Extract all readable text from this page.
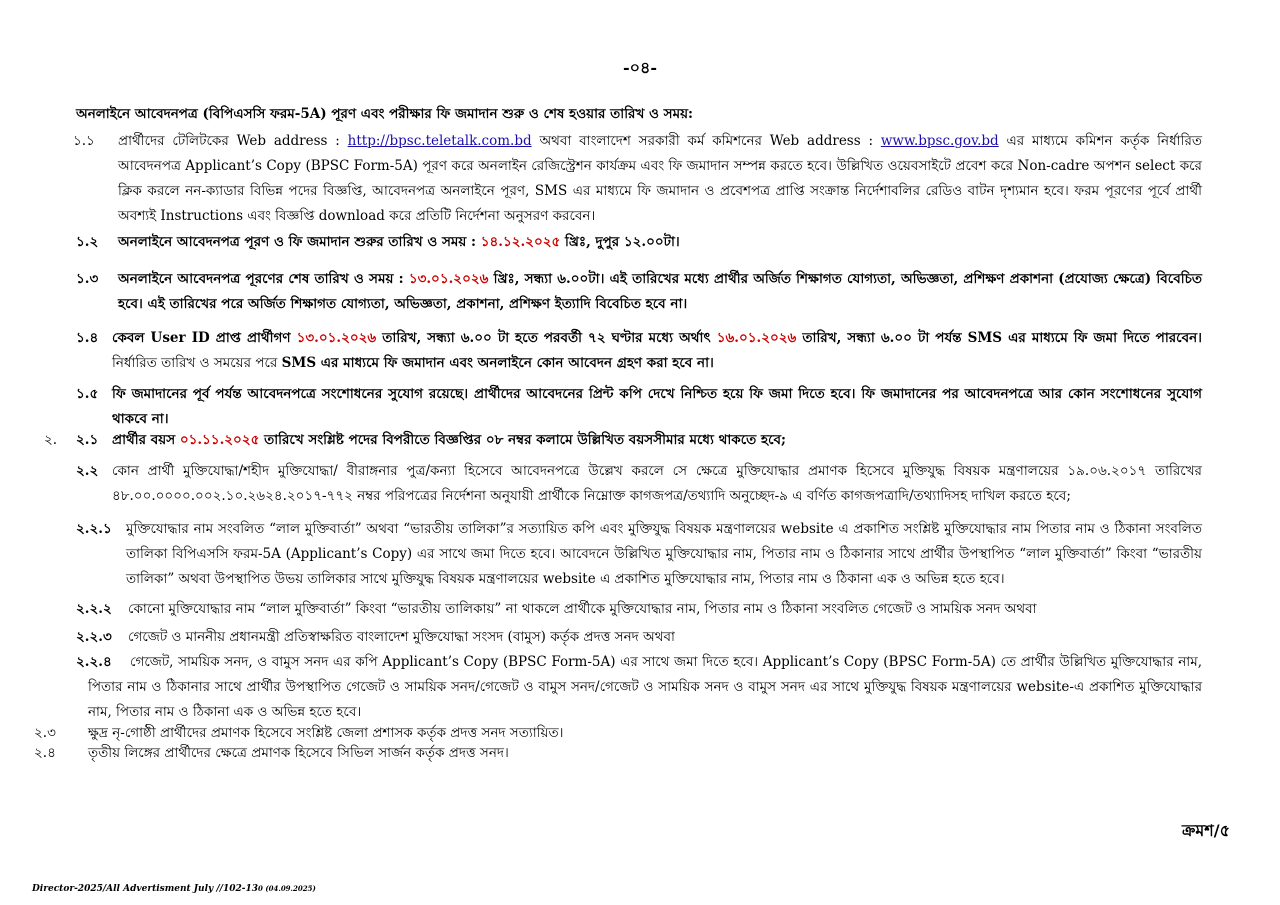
-০৪-
অনলাইনে আবেদনপত্র (বিপিএসসি ফরম-5A) পূরণ এবং পরীক্ষার ফি জমাদান শুরু ও শেষ হওয়ার তারিখ ও সময়:
১.১ প্রার্থীদের টেলিটকের Web address : http://bpsc.teletalk.com.bd অথবা বাংলাদেশ সরকারী কর্ম কমিশনের Web address : www.bpsc.gov.bd এর মাধ্যমে কমিশন কর্তৃক নির্ধারিত আবেদনপত্র Applicant’s Copy (BPSC Form-5A) পূরণ করে অনলাইন রেজিস্ট্রেশন কার্যক্রম এবং ফি জমাদান সম্পন্ন করতে হবে। উল্লিখিত ওয়েবসাইটে প্রবেশ করে Non-cadre অপশন select করে ক্লিক করলে নন-ক্যাডার বিভিন্ন পদের বিজ্ঞপ্তি, আবেদনপত্র অনলাইনে পূরণ, SMS এর মাধ্যমে ফি জমাদান ও প্রবেশপত্র প্রাপ্তি সংক্রান্ত নির্দেশাবলির রেডিও বাটন দৃশ্যমান হবে। ফরম পূরণের পূর্বে প্রার্থী অবশ্যই Instructions এবং বিজ্ঞপ্তি download করে প্রতিটি নির্দেশনা অনুসরণ করবেন।
১.২ অনলাইনে আবেদনপত্র পূরণ ও ফি জমাদান শুরুর তারিখ ও সময় : ১৪.১২.২০২৫ খ্রিঃ, দুপুর ১২.০০টা।
১.৩ অনলাইনে আবেদনপত্র পূরণের শেষ তারিখ ও সময় : ১৩.০১.২০২৬ খ্রিঃ, সন্ধ্যা ৬.০০টা। এই তারিখের মধ্যে প্রার্থীর অর্জিত শিক্ষাগত যোগ্যতা, অভিজ্ঞতা, প্রশিক্ষণ প্রকাশনা (প্রযোজ্য ক্ষেত্রে) বিবেচিত হবে। এই তারিখের পরে অর্জিত শিক্ষাগত যোগ্যতা, অভিজ্ঞতা, প্রকাশনা, প্রশিক্ষণ ইত্যাদি বিবেচিত হবে না।
১.৪ কেবল User ID প্রাপ্ত প্রার্থীগণ ১৩.০১.২০২৬ তারিখ, সন্ধ্যা ৬.০০ টা হতে পরবর্তী ৭২ ঘণ্টার মধ্যে অর্থাৎ ১৬.০১.২০২৬ তারিখ, সন্ধ্যা ৬.০০ টা পর্যন্ত SMS এর মাধ্যমে ফি জমা দিতে পারবেন। নির্ধারিত তারিখ ও সময়ের পরে SMS এর মাধ্যমে ফি জমাদান এবং অনলাইনে কোন আবেদন গ্রহণ করা হবে না।
১.৫ ফি জমাদানের পূর্ব পর্যন্ত আবেদনপত্রে সংশোধনের সুযোগ রয়েছে। প্রার্থীদের আবেদনের প্রিন্ট কপি দেখে নিশ্চিত হয়ে ফি জমা দিতে হবে। ফি জমাদানের পর আবেদনপত্রে আর কোন সংশোধনের সুযোগ থাকবে না।
২. ২.১ প্রার্থীর বয়স ০১.১১.২০২৫ তারিখে সংশ্লিষ্ট পদের বিপরীতে বিজ্ঞপ্তির ০৮ নম্বর কলামে উল্লিখিত বয়সসীমার মধ্যে থাকতে হবে;
২.২ কোন প্রার্থী মুক্তিযোদ্ধা/শহীদ মুক্তিযোদ্ধা/ বীরাঙ্গনার পুত্র/কন্যা হিসেবে আবেদনপত্রে উল্লেখ করলে সে ক্ষেত্রে মুক্তিযোদ্ধার প্রমাণক হিসেবে মুক্তিযুদ্ধ বিষয়ক মন্ত্রণালয়ের ১৯.০৬.২০১৭ তারিখের ৪৮.০০.০০০০.০০২.১০.২৬২৪.২০১৭-৭৭২ নম্বর পরিপত্রের নির্দেশনা অনুযায়ী প্রার্থীকে নিম্নোক্ত কাগজপত্র/তথ্যাদি অনুচ্ছেদ-৯ এ বর্ণিত কাগজপত্রাদি/তথ্যাদিসহ দাখিল করতে হবে;
২.২.১ মুক্তিযোদ্ধার নাম সংবলিত “লাল মুক্তিবার্তা” অথবা “ভারতীয় তালিকা”র সত্যায়িত কপি এবং মুক্তিযুদ্ধ বিষয়ক মন্ত্রণালয়ের website এ প্রকাশিত সংশ্লিষ্ট মুক্তিযোদ্ধার নাম পিতার নাম ও ঠিকানা সংবলিত তালিকা বিপিএসসি ফরম-5A (Applicant’s Copy) এর সাথে জমা দিতে হবে। আবেদনে উল্লিখিত মুক্তিযোদ্ধার নাম, পিতার নাম ও ঠিকানার সাথে প্রার্থীর উপস্থাপিত “লাল মুক্তিবার্তা” কিংবা “ভারতীয় তালিকা” অথবা উপস্থাপিত উভয় তালিকার সাথে মুক্তিযুদ্ধ বিষয়ক মন্ত্রণালয়ের website এ প্রকাশিত মুক্তিযোদ্ধার নাম, পিতার নাম ও ঠিকানা এক ও অভিন্ন হতে হবে।
২.২.২ কোনো মুক্তিযোদ্ধার নাম “লাল মুক্তিবার্তা” কিংবা “ভারতীয় তালিকায়” না থাকলে প্রার্থীকে মুক্তিযোদ্ধার নাম, পিতার নাম ও ঠিকানা সংবলিত গেজেট ও সাময়িক সনদ অথবা
২.২.৩ গেজেট ও মাননীয় প্রধানমন্ত্রী প্রতিস্বাক্ষরিত বাংলাদেশ মুক্তিযোদ্ধা সংসদ (বামুস) কর্তৃক প্রদত্ত সনদ অথবা
২.২.৪	গেজেট, সাময়িক সনদ, ও বামুস সনদ এর কপি Applicant’s Copy (BPSC Form-5A) এর সাথে জমা দিতে হবে। Applicant’s Copy (BPSC Form-5A) তে প্রার্থীর উল্লিখিত মুক্তিযোদ্ধার নাম, পিতার নাম ও ঠিকানার সাথে প্রার্থীর উপস্থাপিত গেজেট ও সাময়িক সনদ/গেজেট ও বামুস সনদ/গেজেট ও সাময়িক সনদ ও বামুস সনদ এর সাথে মুক্তিযুদ্ধ বিষয়ক মন্ত্রণালয়ের website-এ প্রকাশিত মুক্তিযোদ্ধার নাম, পিতার নাম ও ঠিকানা এক ও অভিন্ন হতে হবে।
২.৩ ক্ষুদ্র নৃ-গোষ্ঠী প্রার্থীদের প্রমাণক হিসেবে সংশ্লিষ্ট জেলা প্রশাসক কর্তৃক প্রদত্ত সনদ সত্যায়িত।
২.৪ তৃতীয় লিঙ্গের প্রার্থীদের ক্ষেত্রে প্রমাণক হিসেবে সিভিল সার্জন কর্তৃক প্রদত্ত সনদ।
ক্রমশ/৫
Director-2025/All Advertisment July //102-130 (04.09.2025)
